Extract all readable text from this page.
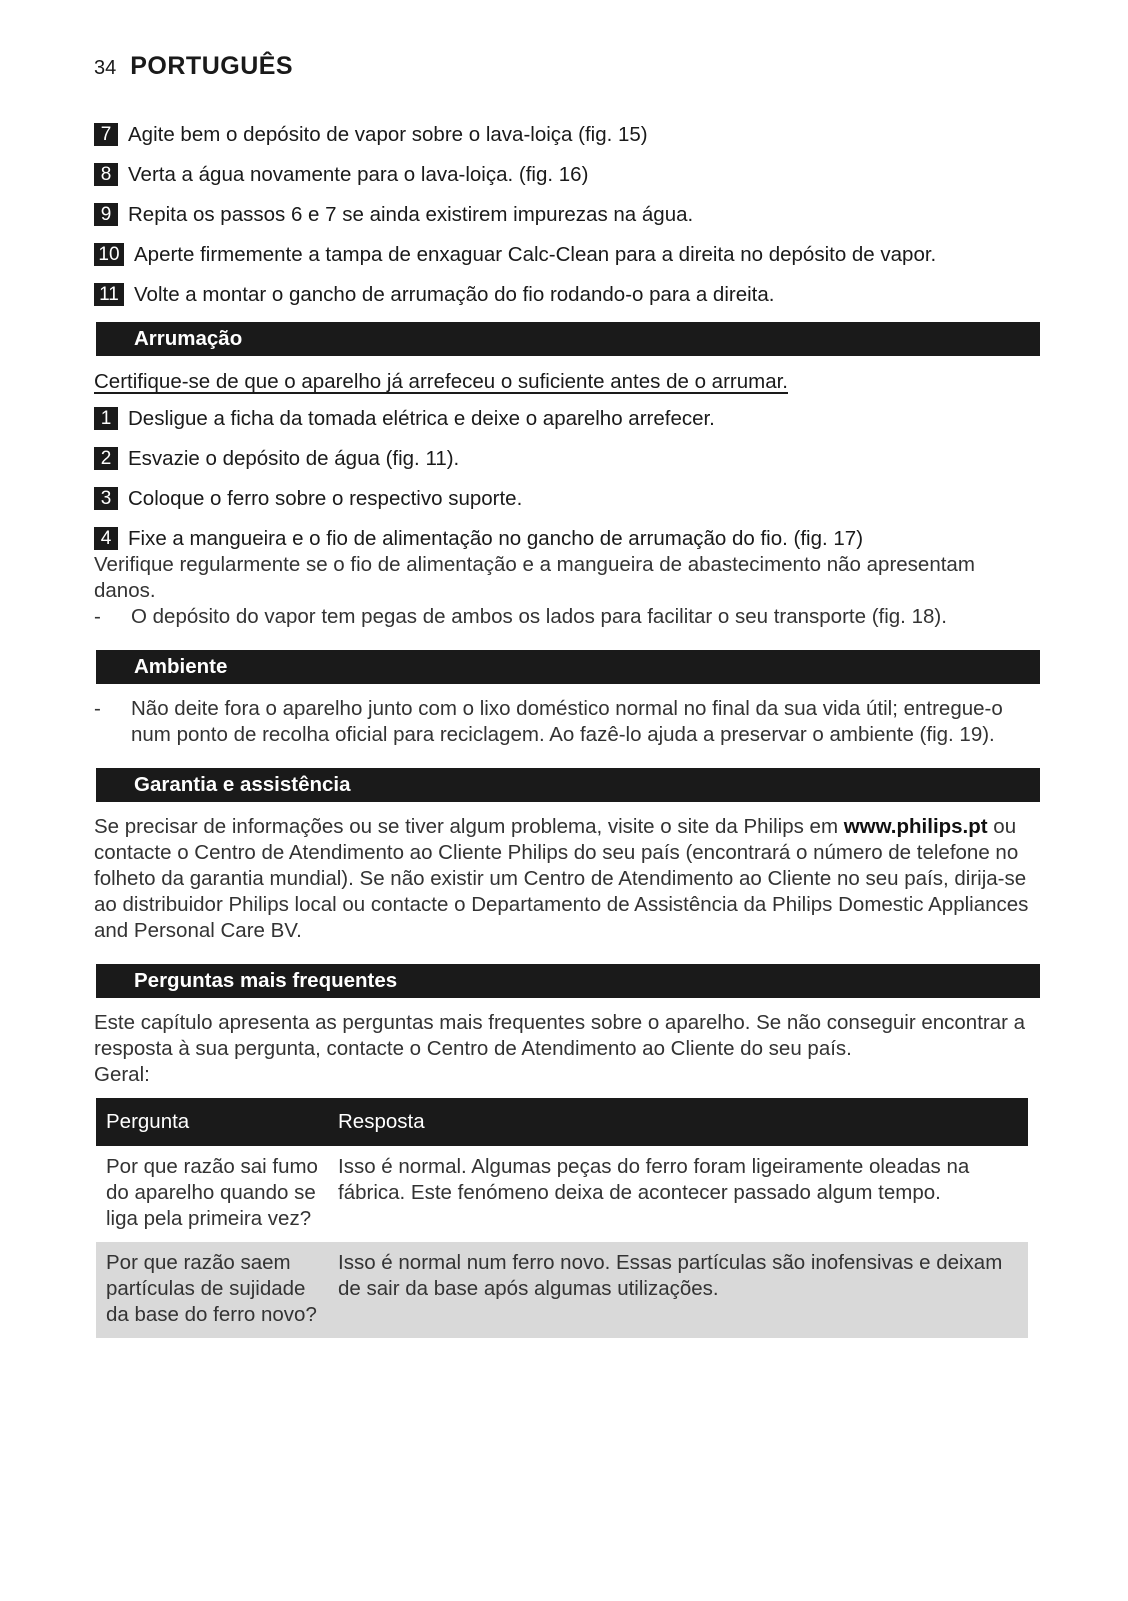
34 PORTUGUÊS
7 Agite bem o depósito de vapor sobre o lava-loiça (fig. 15)
8 Verta a água novamente para o lava-loiça. (fig. 16)
9 Repita os passos 6 e 7 se ainda existirem impurezas na água.
10 Aperte firmemente a tampa de enxaguar Calc-Clean para a direita no depósito de vapor.
11 Volte a montar o gancho de arrumação do fio rodando-o para a direita.
Arrumação
Certifique-se de que o aparelho já arrefeceu o suficiente antes de o arrumar.
1 Desligue a ficha da tomada elétrica e deixe o aparelho arrefecer.
2 Esvazie o depósito de água (fig. 11).
3 Coloque o ferro sobre o respectivo suporte.
4 Fixe a mangueira e o fio de alimentação no gancho de arrumação do fio. (fig. 17)
Verifique regularmente se o fio de alimentação e a mangueira de abastecimento não apresentam danos.
-	O depósito do vapor tem pegas de ambos os lados para facilitar o seu transporte (fig. 18).
Ambiente
-	Não deite fora o aparelho junto com o lixo doméstico normal no final da sua vida útil; entregue-o num ponto de recolha oficial para reciclagem. Ao fazê-lo ajuda a preservar o ambiente (fig. 19).
Garantia e assistência
Se precisar de informações ou se tiver algum problema, visite o site da Philips em www.philips.pt ou contacte o Centro de Atendimento ao Cliente Philips do seu país (encontrará o número de telefone no folheto da garantia mundial). Se não existir um Centro de Atendimento ao Cliente no seu país, dirija-se ao distribuidor Philips local ou contacte o Departamento de Assistência da Philips Domestic Appliances and Personal Care BV.
Perguntas mais frequentes
Este capítulo apresenta as perguntas mais frequentes sobre o aparelho. Se não conseguir encontrar a resposta à sua pergunta, contacte o Centro de Atendimento ao Cliente do seu país.
Geral:
Pergunta	Resposta
Por que razão sai fumo do aparelho quando se liga pela primeira vez?	Isso é normal. Algumas peças do ferro foram ligeiramente oleadas na fábrica. Este fenómeno deixa de acontecer passado algum tempo.
Por que razão saem partículas de sujidade da base do ferro novo?	Isso é normal num ferro novo. Essas partículas são inofensivas e deixam de sair da base após algumas utilizações.
